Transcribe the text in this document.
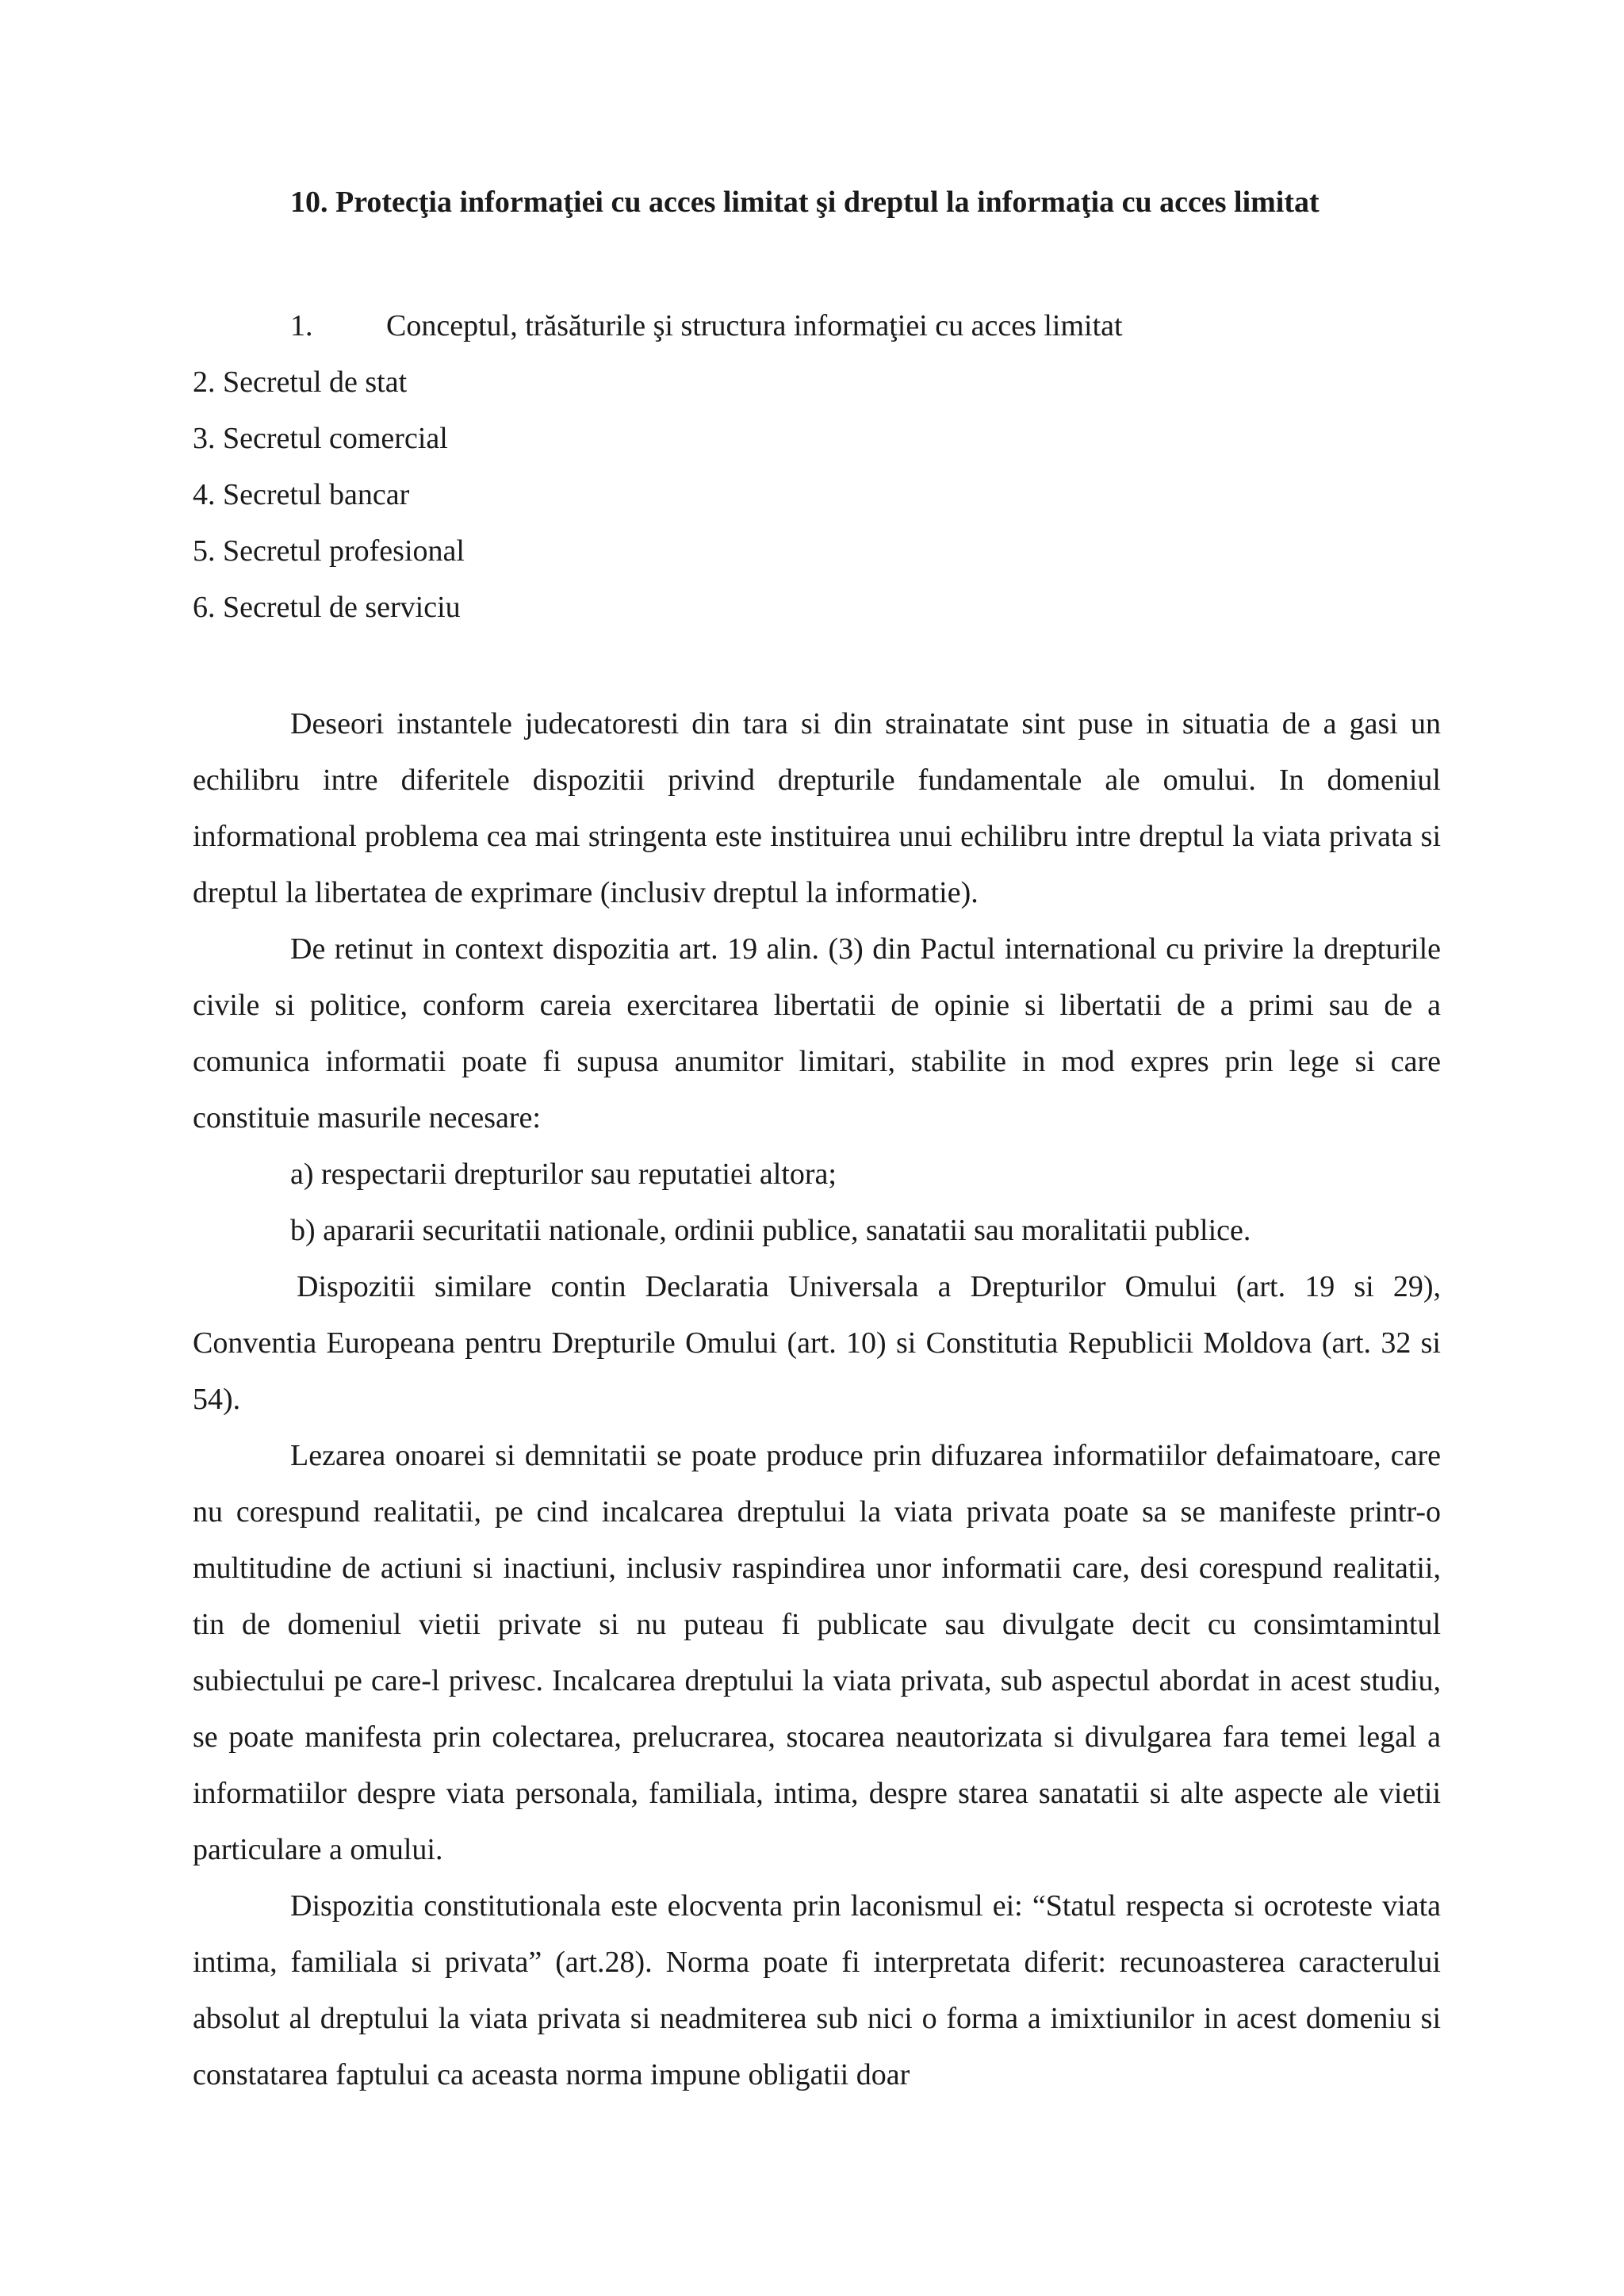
10. Protecţia informaţiei cu acces limitat şi dreptul la informaţia cu acces limitat
1. Conceptul, trăsăturile şi structura informaţiei cu acces limitat
2. Secretul de stat
3. Secretul comercial
4. Secretul bancar
5. Secretul profesional
6. Secretul de serviciu

Deseori instantele judecatoresti din tara si din strainatate sint puse in situatia de a gasi un echilibru intre diferitele dispozitii privind drepturile fundamentale ale omului. In domeniul informational problema cea mai stringenta este instituirea unui echilibru intre dreptul la viata privata si dreptul la libertatea de exprimare (inclusiv dreptul la informatie).

De retinut in context dispozitia art. 19 alin. (3) din Pactul international cu privire la drepturile civile si politice, conform careia exercitarea libertatii de opinie si libertatii de a primi sau de a comunica informatii poate fi supusa anumitor limitari, stabilite in mod expres prin lege si care constituie masurile necesare:

a) respectarii drepturilor sau reputatiei altora;

b) apararii securitatii nationale, ordinii publice, sanatatii sau moralitatii publice.

Dispozitii similare contin Declaratia Universala a Drepturilor Omului (art. 19 si 29), Conventia Europeana pentru Drepturile Omului (art. 10) si Constitutia Republicii Moldova (art. 32 si 54).

Lezarea onoarei si demnitatii se poate produce prin difuzarea informatiilor defaimatoare, care nu corespund realitatii, pe cind incalcarea dreptului la viata privata poate sa se manifeste printr-o multitudine de actiuni si inactiuni, inclusiv raspindirea unor informatii care, desi corespund realitatii, tin de domeniul vietii private si nu puteau fi publicate sau divulgate decit cu consimtamintul subiectului pe care-l privesc. Incalcarea dreptului la viata privata, sub aspectul abordat in acest studiu, se poate manifesta prin colectarea, prelucrarea, stocarea neautorizata si divulgarea fara temei legal a informatiilor despre viata personala, familiala, intima, despre starea sanatatii si alte aspecte ale vietii particulare a omului.

Dispozitia constitutionala este elocventa prin laconismul ei: “Statul respecta si ocroteste viata intima, familiala si privata” (art.28). Norma poate fi interpretata diferit: recunoasterea caracterului absolut al dreptului la viata privata si neadmiterea sub nici o forma a imixtiunilor in acest domeniu si constatarea faptului ca aceasta norma impune obligatii doar
